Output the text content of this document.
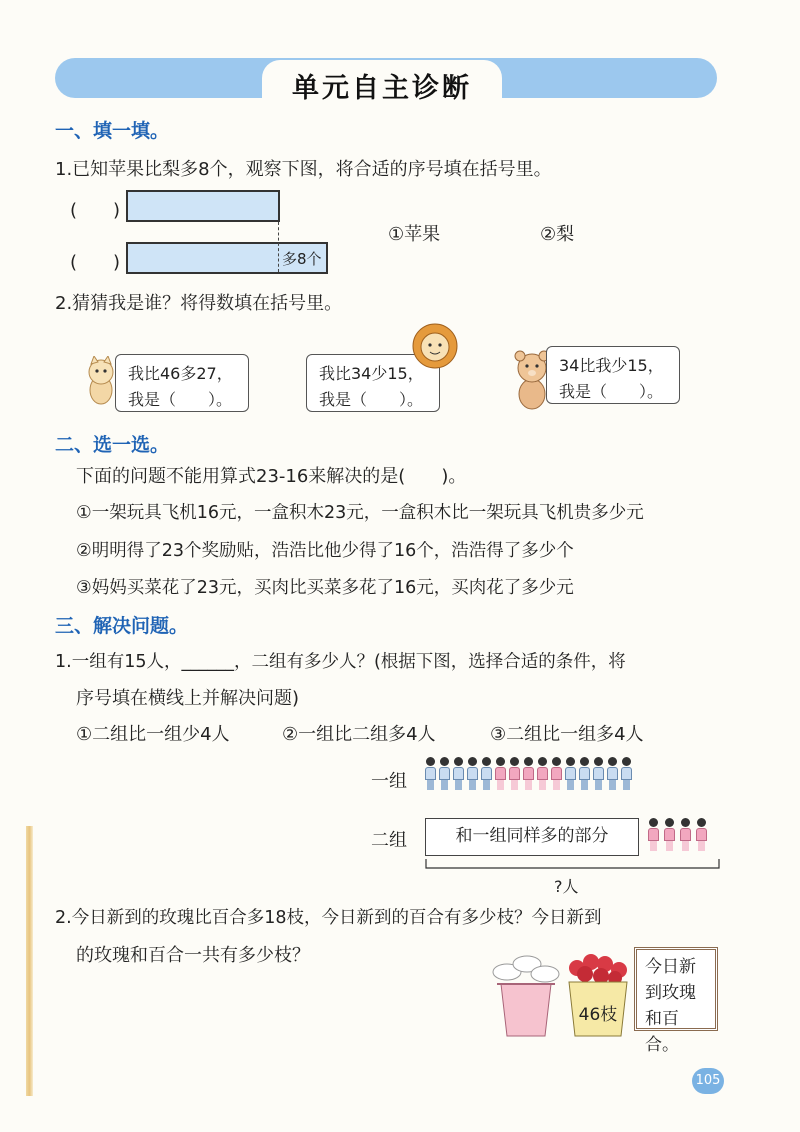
单元自主诊断
一、填一填。
1.已知苹果比梨多8个，观察下图，将合适的序号填在括号里。
(　　)
(　　)	多8个
①苹果	②梨
2.猜猜我是谁？将得数填在括号里。
我比46多27，
我是（　　）。
我比34少15，
我是（　　）。
34比我少15，
我是（　　）。
二、选一选。
下面的问题不能用算式23-16来解决的是(　　)。
①一架玩具飞机16元，一盒积木23元，一盒积木比一架玩具飞机贵多少元
②明明得了23个奖励贴，浩浩比他少得了16个，浩浩得了多少个
③妈妈买菜花了23元，买肉比买菜多花了16元，买肉花了多少元
三、解决问题。
1.一组有15人，______，二组有多少人？(根据下图，选择合适的条件，将
序号填在横线上并解决问题)
①二组比一组少4人	②一组比二组多4人	③二组比一组多4人
一组
二组	和一组同样多的部分
?人
2.今日新到的玫瑰比百合多18枝，今日新到的百合有多少枝？今日新到
的玫瑰和百合一共有多少枝？
46枝
今日新
到玫瑰
和百合。
105
